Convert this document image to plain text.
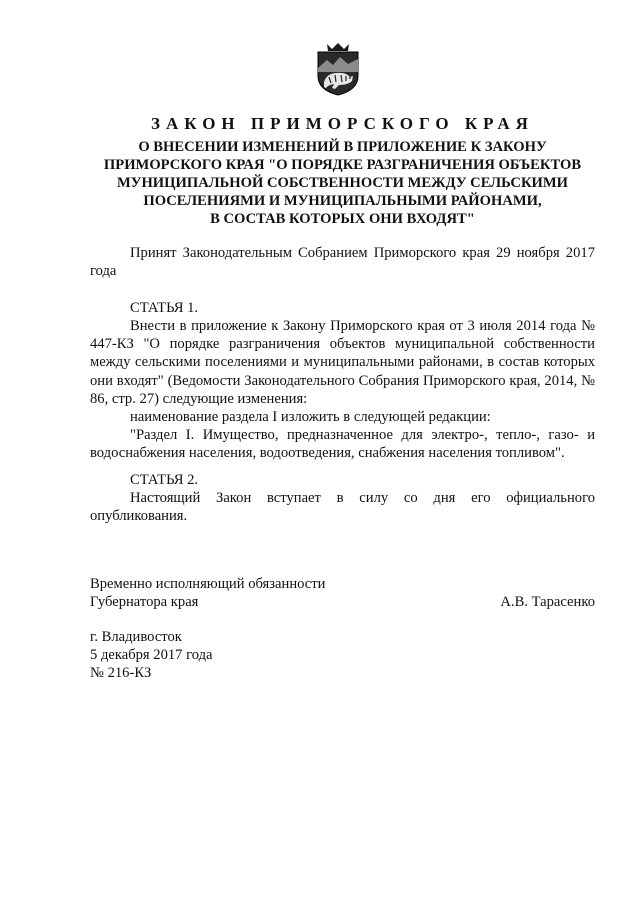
ЗАКОН ПРИМОРСКОГО КРАЯ
О ВНЕСЕНИИ ИЗМЕНЕНИЙ В ПРИЛОЖЕНИЕ К ЗАКОНУ
ПРИМОРСКОГО КРАЯ "О ПОРЯДКЕ РАЗГРАНИЧЕНИЯ ОБЪЕКТОВ
МУНИЦИПАЛЬНОЙ СОБСТВЕННОСТИ МЕЖДУ СЕЛЬСКИМИ
ПОСЕЛЕНИЯМИ И МУНИЦИПАЛЬНЫМИ РАЙОНАМИ,
В СОСТАВ КОТОРЫХ ОНИ ВХОДЯТ"
Принят Законодательным Собранием Приморского края 29 ноября 2017 года
СТАТЬЯ 1.
Внести в приложение к Закону Приморского края от 3 июля 2014 года № 447-КЗ "О порядке разграничения объектов муниципальной собственности между сельскими поселениями и муниципальными районами, в состав которых они входят" (Ведомости Законодательного Собрания Приморского края, 2014, № 86, стр. 27) следующие изменения:
наименование раздела I изложить в следующей редакции:
"Раздел I. Имущество, предназначенное для электро-, тепло-, газо- и водоснабжения населения, водоотведения, снабжения населения топливом".
СТАТЬЯ 2.
Настоящий Закон вступает в силу со дня его официального опубликования.
Временно исполняющий обязанности
Губернатора края	А.В. Тарасенко
г. Владивосток
5 декабря 2017 года
№ 216-КЗ
